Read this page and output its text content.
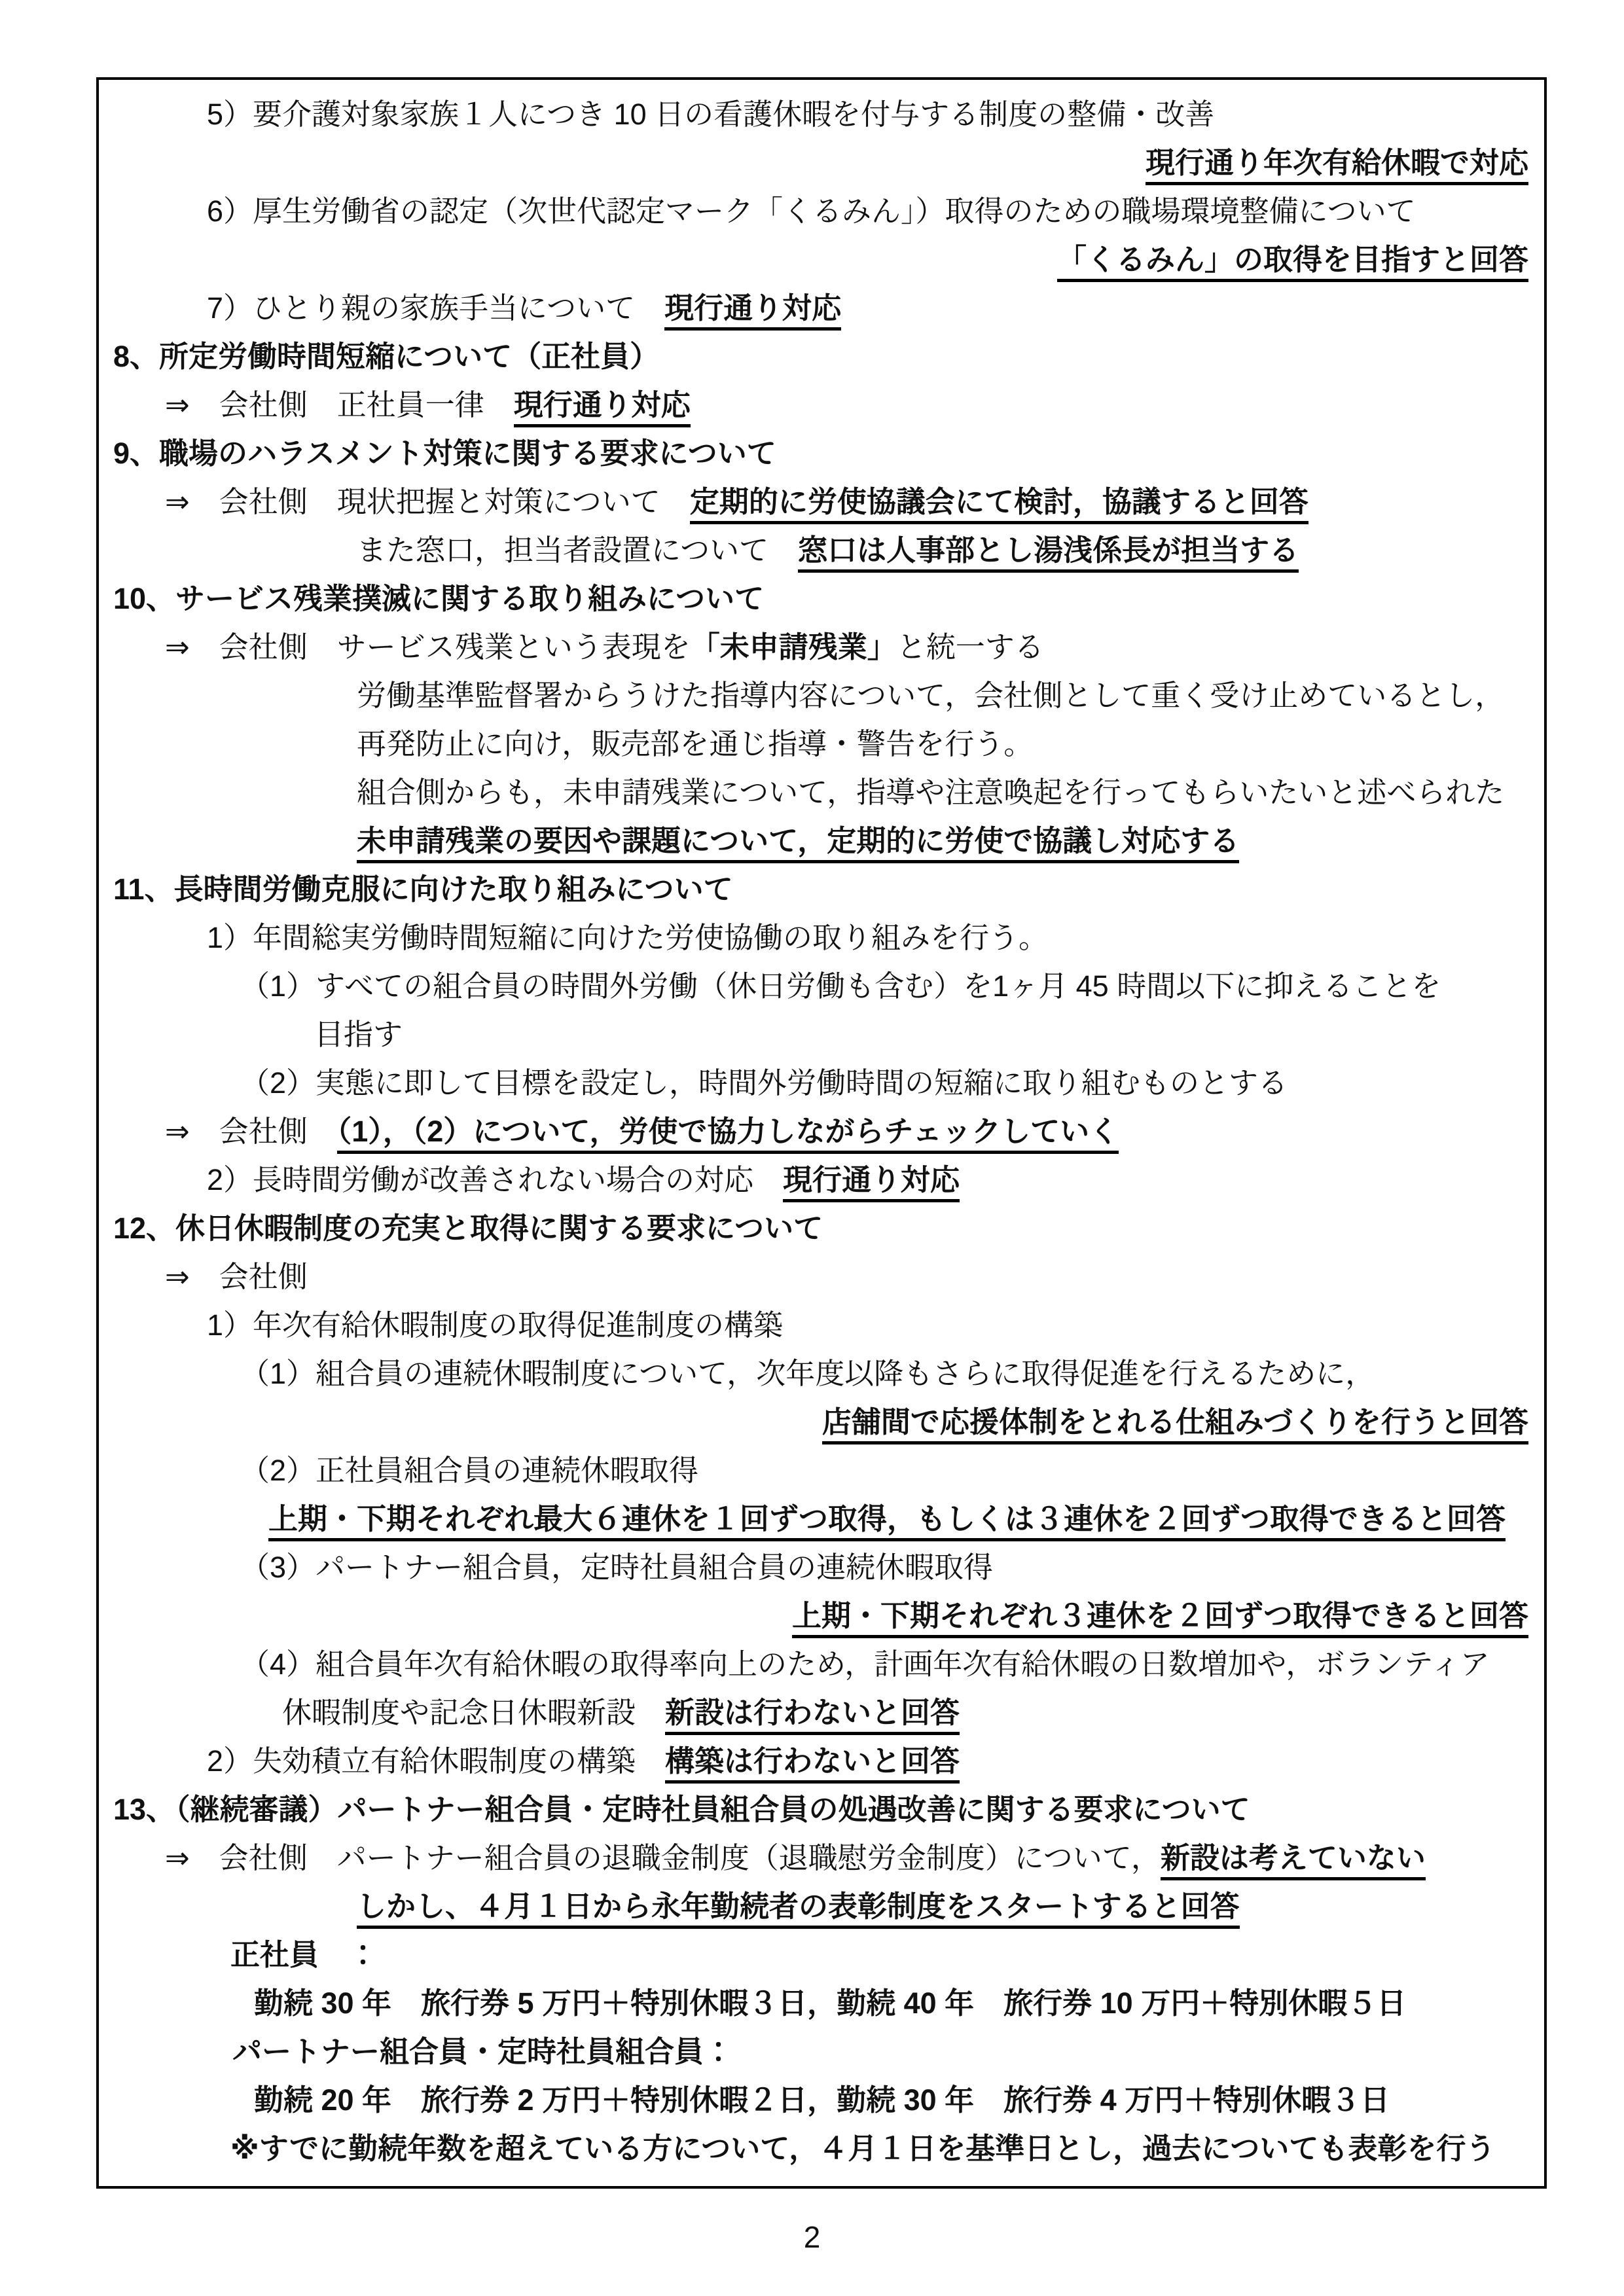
5）要介護対象家族１人につき 10 日の看護休暇を付与する制度の整備・改善
現行通り年次有給休暇で対応
6）厚生労働省の認定（次世代認定マーク「くるみん」）取得のための職場環境整備について
「くるみん」の取得を目指すと回答
7）ひとり親の家族手当について　現行通り対応
8、所定労働時間短縮について（正社員）
⇒　会社側　正社員一律　現行通り対応
9、職場のハラスメント対策に関する要求について
⇒　会社側　現状把握と対策について　定期的に労使協議会にて検討，協議すると回答
また窓口，担当者設置について　窓口は人事部とし湯浅係長が担当する
10、サービス残業撲滅に関する取り組みについて
⇒　会社側　サービス残業という表現を「未申請残業」と統一する
労働基準監督署からうけた指導内容について，会社側として重く受け止めているとし，
再発防止に向け，販売部を通じ指導・警告を行う。
組合側からも，未申請残業について，指導や注意喚起を行ってもらいたいと述べられた
未申請残業の要因や課題について，定期的に労使で協議し対応する
11、長時間労働克服に向けた取り組みについて
1）年間総実労働時間短縮に向けた労使協働の取り組みを行う。
（1）すべての組合員の時間外労働（休日労働も含む）を1ヶ月 45 時間以下に抑えることを
目指す
（2）実態に即して目標を設定し，時間外労働時間の短縮に取り組むものとする
⇒　会社側　（1），（2）について，労使で協力しながらチェックしていく
2）長時間労働が改善されない場合の対応　現行通り対応
12、休日休暇制度の充実と取得に関する要求について
⇒　会社側
1）年次有給休暇制度の取得促進制度の構築
（1）組合員の連続休暇制度について，次年度以降もさらに取得促進を行えるために，
店舗間で応援体制をとれる仕組みづくりを行うと回答
（2）正社員組合員の連続休暇取得
上期・下期それぞれ最大６連休を１回ずつ取得，もしくは３連休を２回ずつ取得できると回答
（3）パートナー組合員，定時社員組合員の連続休暇取得
上期・下期それぞれ３連休を２回ずつ取得できると回答
（4）組合員年次有給休暇の取得率向上のため，計画年次有給休暇の日数増加や，ボランティア
休暇制度や記念日休暇新設　新設は行わないと回答
2）失効積立有給休暇制度の構築　構築は行わないと回答
13、（継続審議）パートナー組合員・定時社員組合員の処遇改善に関する要求について
⇒　会社側　パートナー組合員の退職金制度（退職慰労金制度）について，新設は考えていない
しかし、４月１日から永年勤続者の表彰制度をスタートすると回答
正社員　：
勤続 30 年　旅行券 5 万円＋特別休暇３日，勤続 40 年　旅行券 10 万円＋特別休暇５日
パートナー組合員・定時社員組合員：
勤続 20 年　旅行券 2 万円＋特別休暇２日，勤続 30 年　旅行券 4 万円＋特別休暇３日
※すでに勤続年数を超えている方について，４月１日を基準日とし，過去についても表彰を行う
2
